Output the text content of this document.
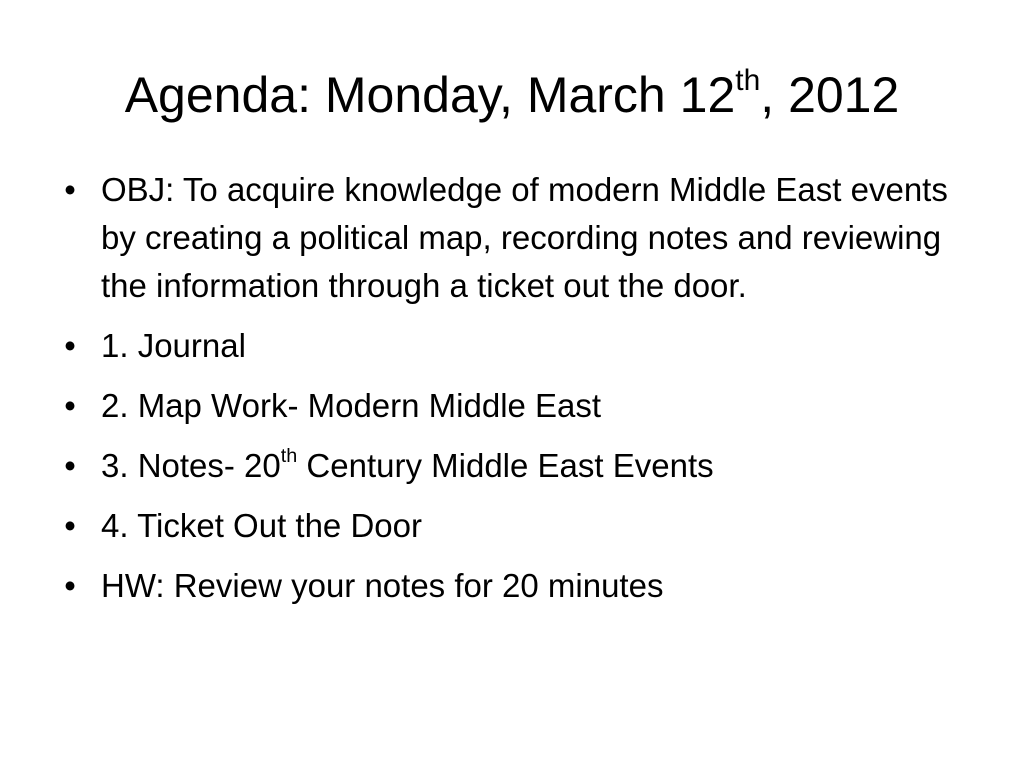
Agenda: Monday, March 12th, 2012
• OBJ: To acquire knowledge of modern Middle East events by creating a political map, recording notes and reviewing the information through a ticket out the door.
• 1. Journal
• 2. Map Work- Modern Middle East
• 3. Notes- 20th Century Middle East Events
• 4. Ticket Out the Door
• HW: Review your notes for 20 minutes
